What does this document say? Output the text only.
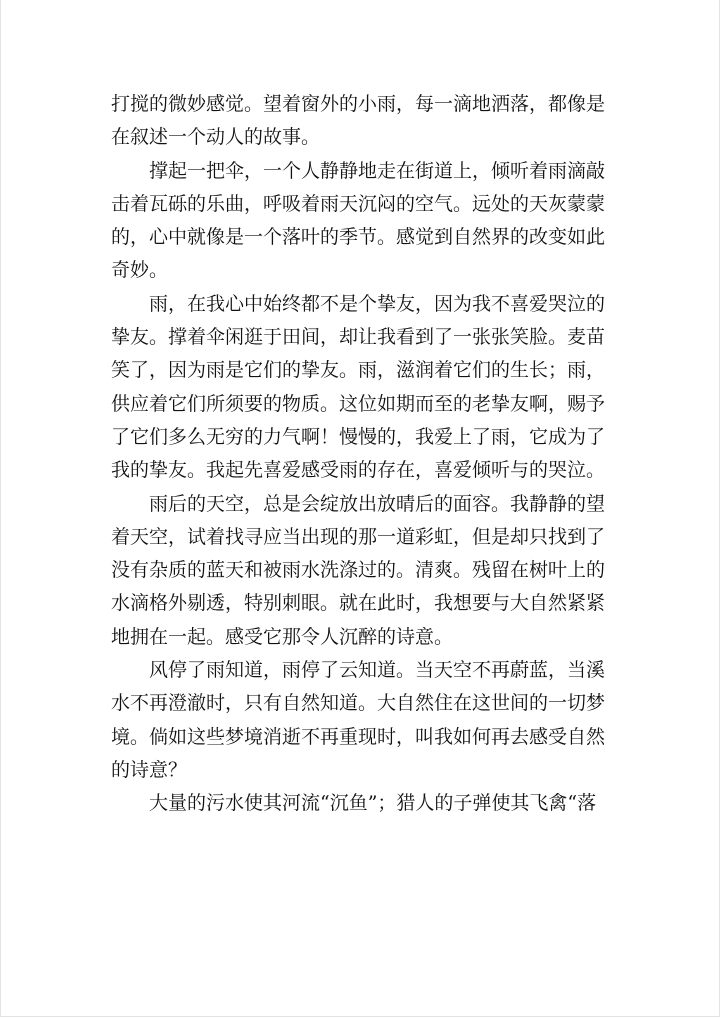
打搅的微妙感觉。望着窗外的小雨，每一滴地洒落，都像是
在叙述一个动人的故事。
撑起一把伞，一个人静静地走在街道上，倾听着雨滴敲
击着瓦砾的乐曲，呼吸着雨天沉闷的空气。远处的天灰蒙蒙
的，心中就像是一个落叶的季节。感觉到自然界的改变如此
奇妙。
雨，在我心中始终都不是个挚友，因为我不喜爱哭泣的
挚友。撑着伞闲逛于田间，却让我看到了一张张笑脸。麦苗
笑了，因为雨是它们的挚友。雨，滋润着它们的生长；雨，
供应着它们所须要的物质。这位如期而至的老挚友啊，赐予
了它们多么无穷的力气啊！慢慢的，我爱上了雨，它成为了
我的挚友。我起先喜爱感受雨的存在，喜爱倾听与的哭泣。
雨后的天空，总是会绽放出放晴后的面容。我静静的望
着天空，试着找寻应当出现的那一道彩虹，但是却只找到了
没有杂质的蓝天和被雨水洗涤过的。清爽。残留在树叶上的
水滴格外剔透，特别刺眼。就在此时，我想要与大自然紧紧
地拥在一起。感受它那令人沉醉的诗意。
风停了雨知道，雨停了云知道。当天空不再蔚蓝，当溪
水不再澄澈时，只有自然知道。大自然住在这世间的一切梦
境。倘如这些梦境消逝不再重现时，叫我如何再去感受自然
的诗意？
大量的污水使其河流“沉鱼”；猎人的子弹使其飞禽“落
